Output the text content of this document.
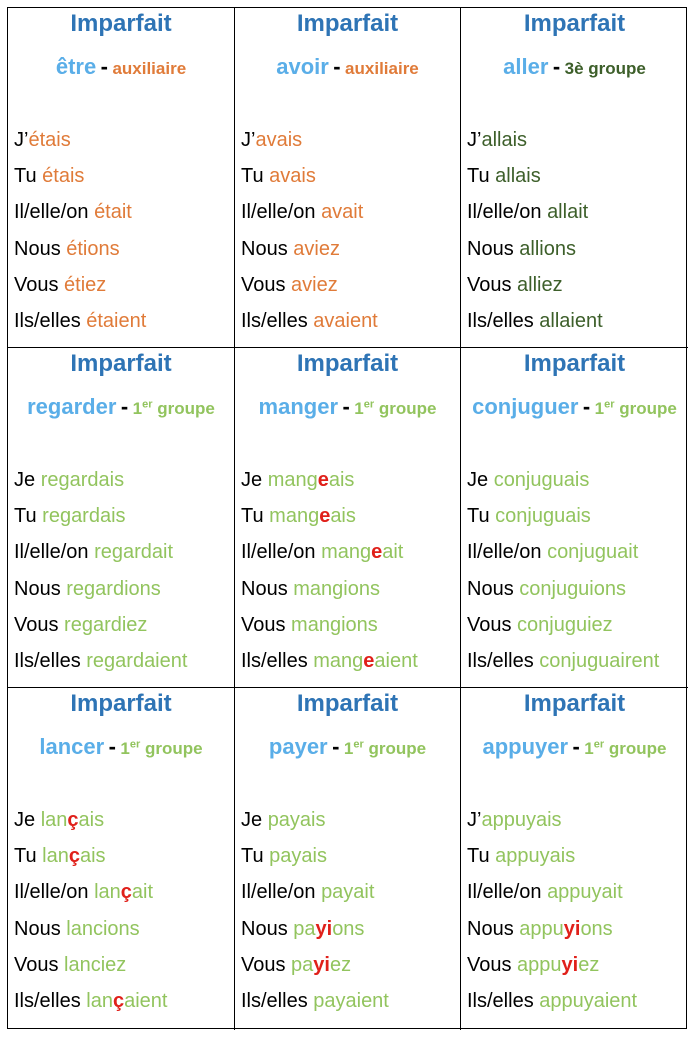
Imparfait
être - auxiliaire
J’étais
Tu étais
Il/elle/on était
Nous étions
Vous étiez
Ils/elles étaient
Imparfait
avoir - auxiliaire
J’avais
Tu avais
Il/elle/on avait
Nous aviez
Vous aviez
Ils/elles avaient
Imparfait
aller - 3è groupe
J’allais
Tu allais
Il/elle/on allait
Nous allions
Vous alliez
Ils/elles allaient
Imparfait
regarder - 1er groupe
Je regardais
Tu regardais
Il/elle/on regardait
Nous regardions
Vous regardiez
Ils/elles regardaient
Imparfait
manger - 1er groupe
Je mangeais
Tu mangeais
Il/elle/on mangeait
Nous mangions
Vous mangions
Ils/elles mangeaient
Imparfait
conjuguer - 1er groupe
Je conjuguais
Tu conjuguais
Il/elle/on conjuguait
Nous conjuguions
Vous conjuguiez
Ils/elles conjuguairent
Imparfait
lancer - 1er groupe
Je lançais
Tu lançais
Il/elle/on lançait
Nous lancions
Vous lanciez
Ils/elles lançaient
Imparfait
payer - 1er groupe
Je payais
Tu payais
Il/elle/on payait
Nous payions
Vous payiez
Ils/elles payaient
Imparfait
appuyer - 1er groupe
J’appuyais
Tu appuyais
Il/elle/on appuyait
Nous appuyions
Vous appuyiez
Ils/elles appuyaient
